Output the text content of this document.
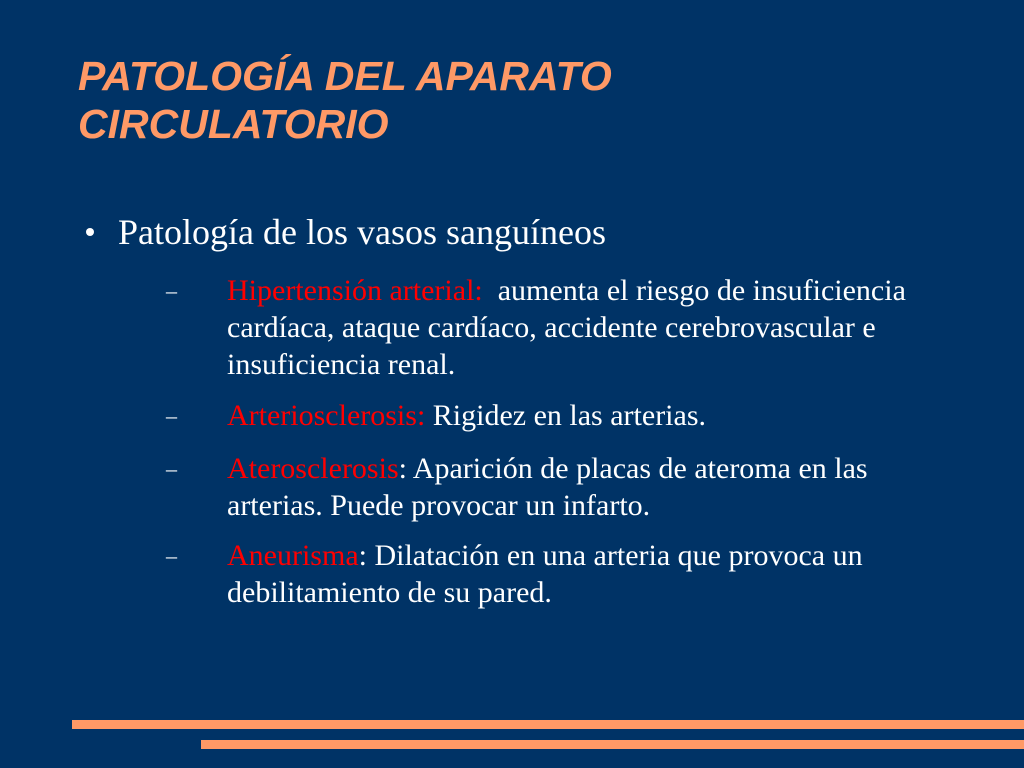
PATOLOGÍA DEL APARATO
CIRCULATORIO
Patología de los vasos sanguíneos
– Hipertensión arterial: aumenta el riesgo de insuficiencia cardíaca, ataque cardíaco, accidente cerebrovascular e insuficiencia renal.
– Arteriosclerosis: Rigidez en las arterias.
– Aterosclerosis: Aparición de placas de ateroma en las arterias. Puede provocar un infarto.
– Aneurisma: Dilatación en una arteria que provoca un debilitamiento de su pared.
